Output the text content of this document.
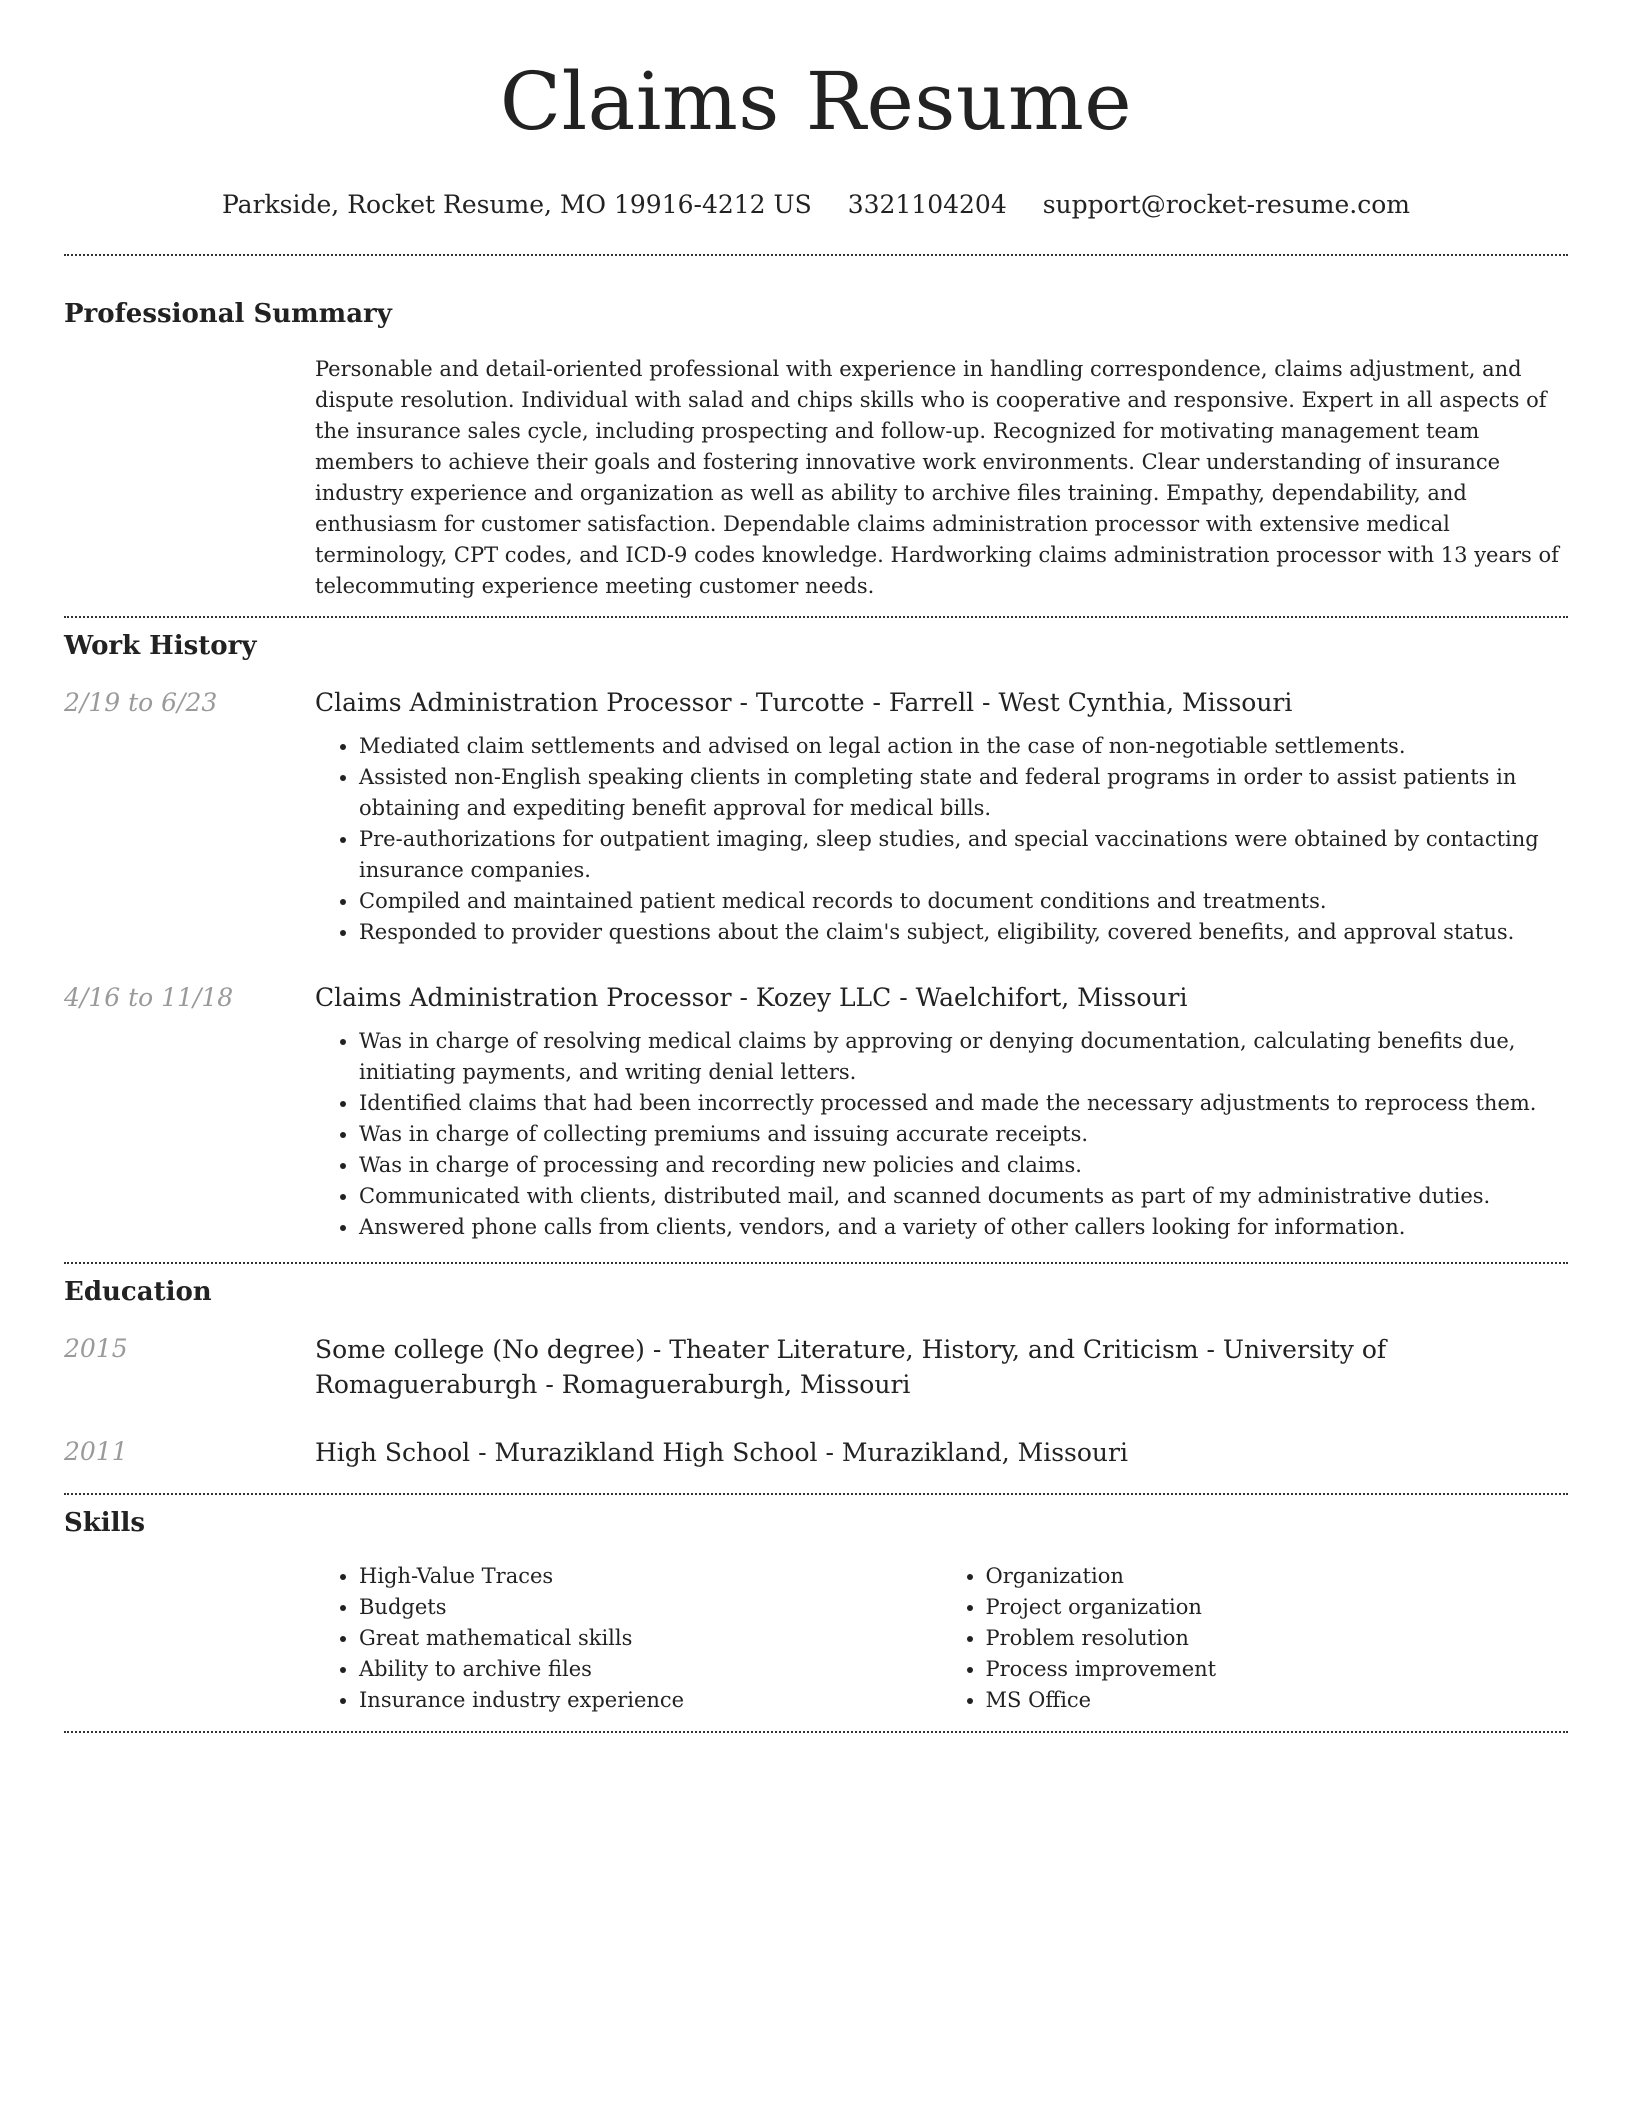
Claims Resume
Parkside, Rocket Resume, MO 19916-4212 US 3321104204 support@rocket-resume.com
Professional Summary

Personable and detail-oriented professional with experience in handling correspondence, claims adjustment, and dispute resolution. Individual with salad and chips skills who is cooperative and responsive. Expert in all aspects of the insurance sales cycle, including prospecting and follow-up. Recognized for motivating management team members to achieve their goals and fostering innovative work environments. Clear understanding of insurance industry experience and organization as well as ability to archive files training. Empathy, dependability, and enthusiasm for customer satisfaction. Dependable claims administration processor with extensive medical terminology, CPT codes, and ICD-9 codes knowledge. Hardworking claims administration processor with 13 years of telecommuting experience meeting customer needs.

Work History
2/19 to 6/23	Claims Administration Processor - Turcotte - Farrell - West Cynthia, Missouri
• Mediated claim settlements and advised on legal action in the case of non-negotiable settlements.
• Assisted non-English speaking clients in completing state and federal programs in order to assist patients in obtaining and expediting benefit approval for medical bills.
• Pre-authorizations for outpatient imaging, sleep studies, and special vaccinations were obtained by contacting insurance companies.
• Compiled and maintained patient medical records to document conditions and treatments.
• Responded to provider questions about the claim's subject, eligibility, covered benefits, and approval status.
4/16 to 11/18	Claims Administration Processor - Kozey LLC - Waelchifort, Missouri
• Was in charge of resolving medical claims by approving or denying documentation, calculating benefits due, initiating payments, and writing denial letters.
• Identified claims that had been incorrectly processed and made the necessary adjustments to reprocess them.
• Was in charge of collecting premiums and issuing accurate receipts.
• Was in charge of processing and recording new policies and claims.
• Communicated with clients, distributed mail, and scanned documents as part of my administrative duties.
• Answered phone calls from clients, vendors, and a variety of other callers looking for information.
Education
2015	Some college (No degree) - Theater Literature, History, and Criticism - University of Romagueraburgh - Romagueraburgh, Missouri
2011	High School - Murazikland High School - Murazikland, Missouri
Skills
• High-Value Traces
• Budgets
• Great mathematical skills
• Ability to archive files
• Insurance industry experience
• Organization
• Project organization
• Problem resolution
• Process improvement
• MS Office
